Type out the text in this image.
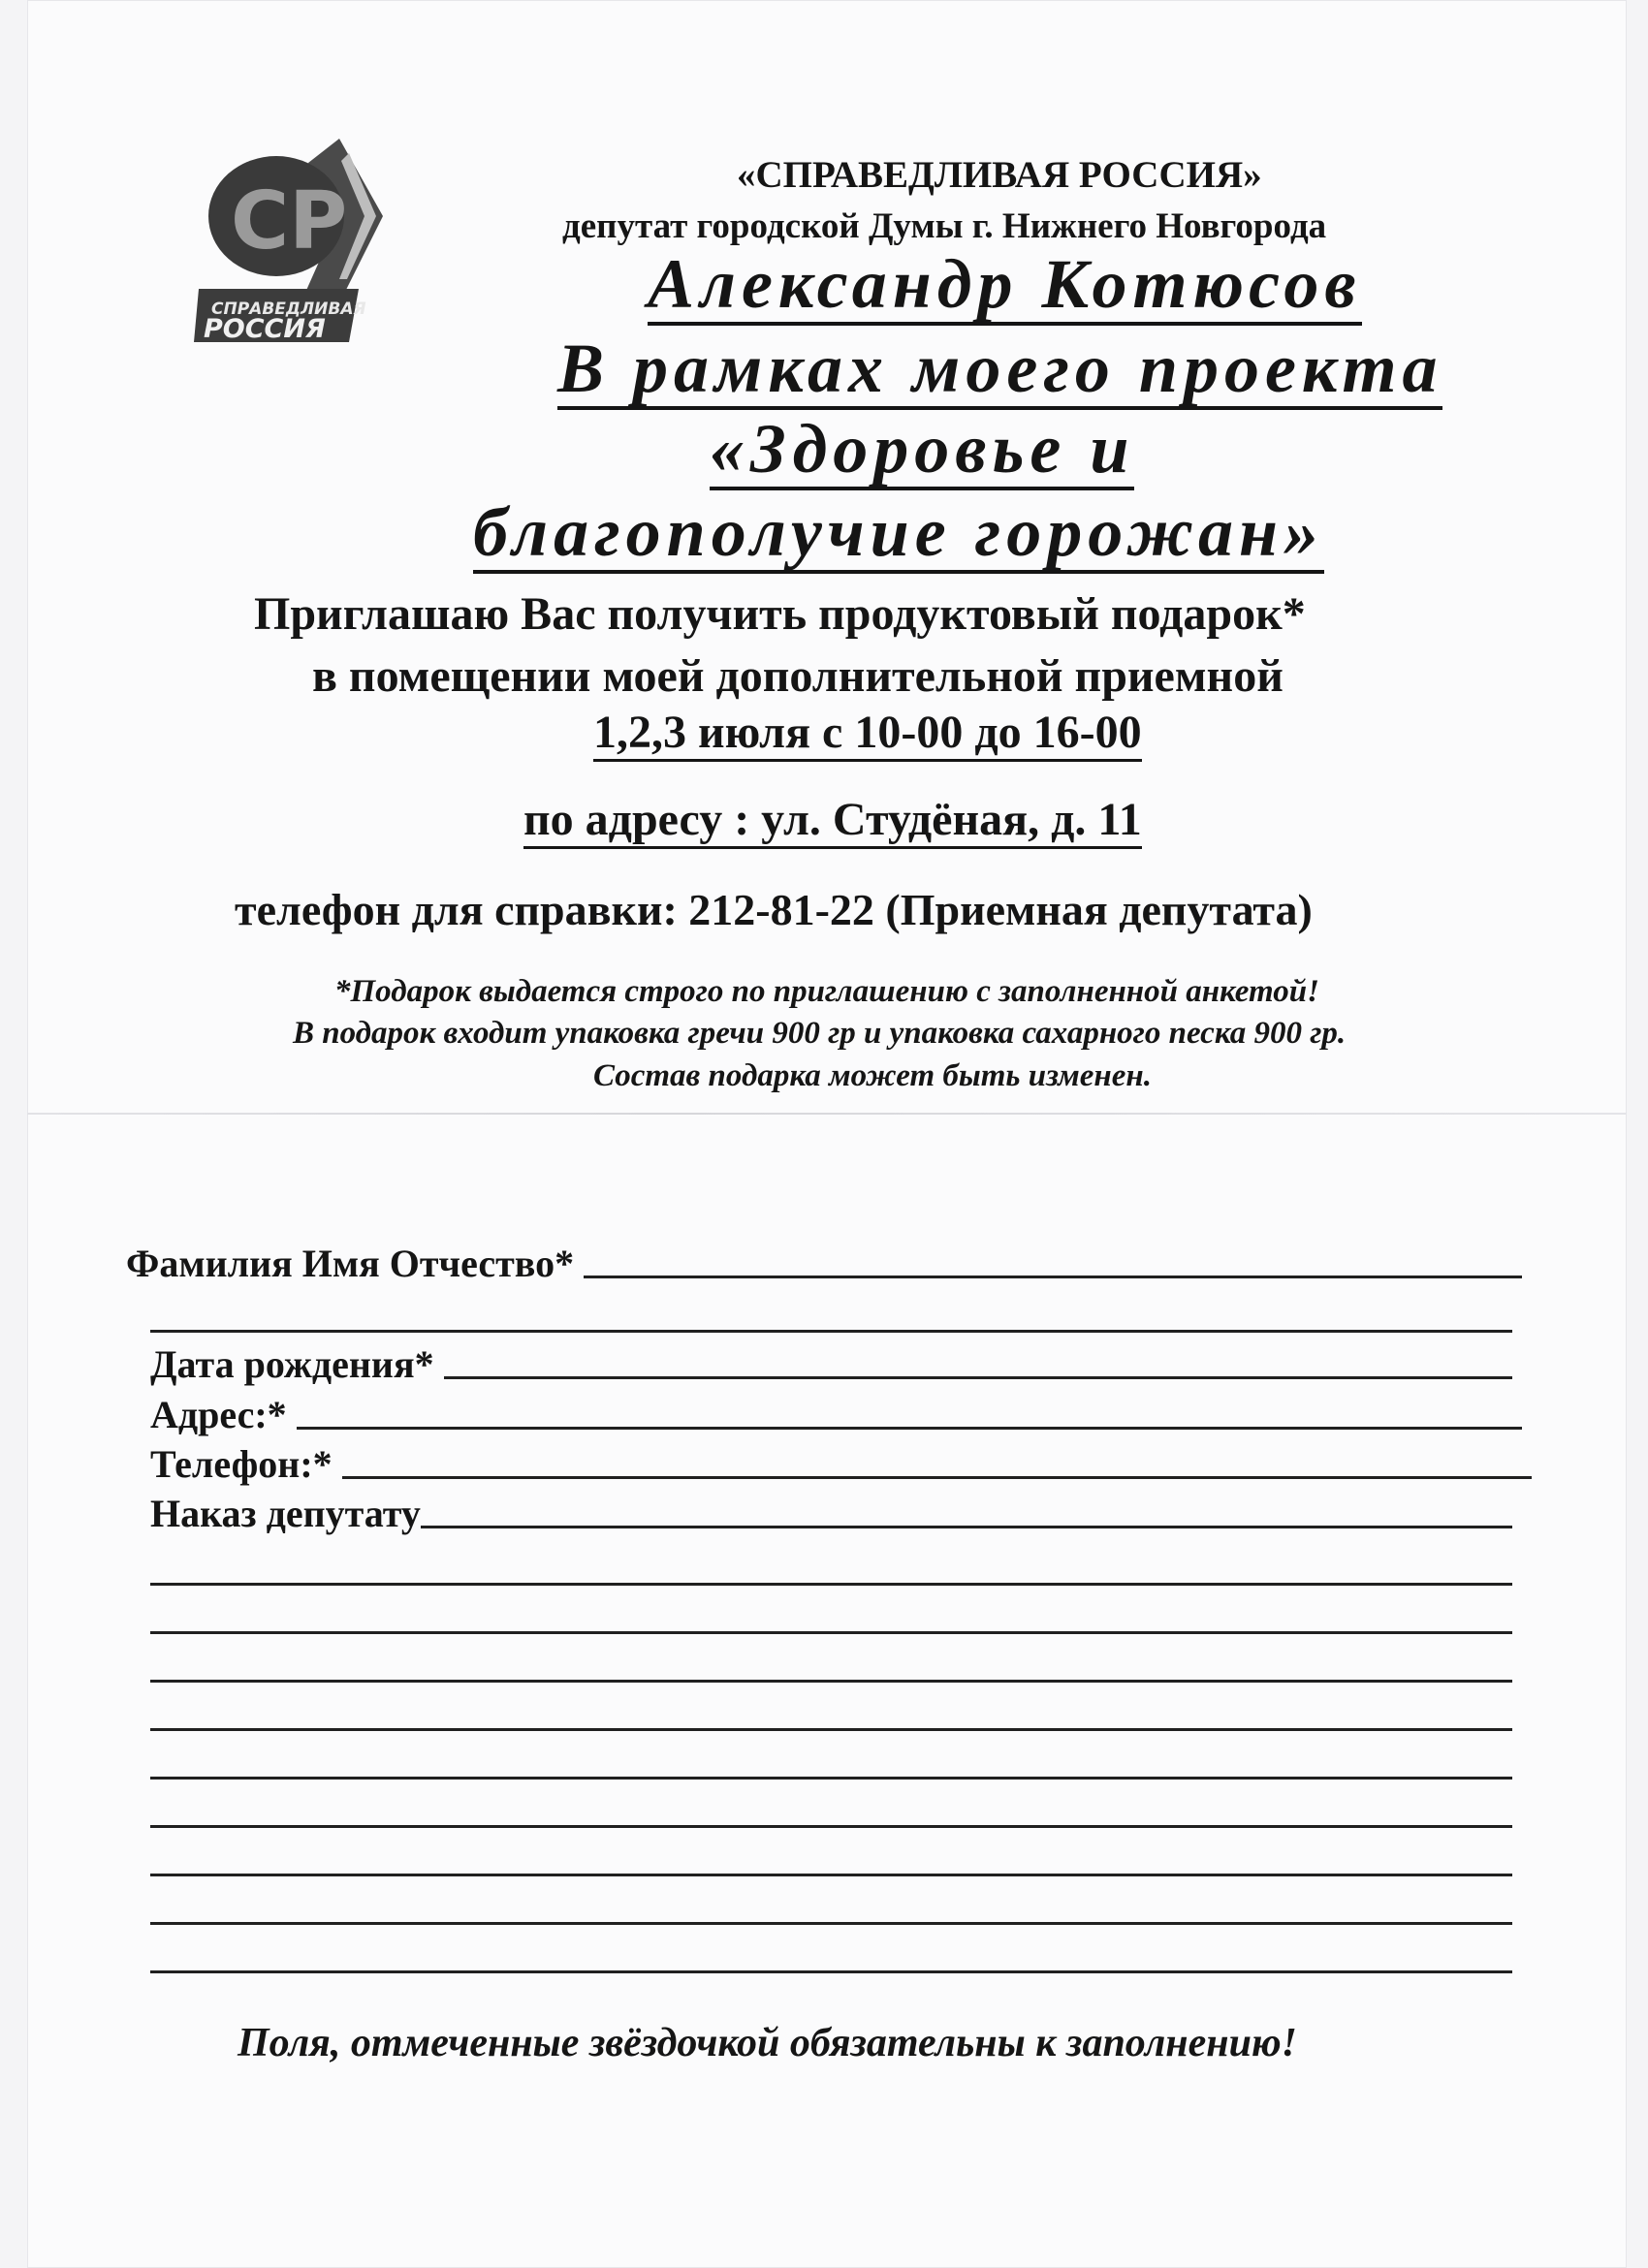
СР
СПРАВЕДЛИВАЯ
РОССИЯ
«СПРАВЕДЛИВАЯ РОССИЯ»
депутат городской Думы г. Нижнего Новгорода
Александр Котюсов
В рамках моего проекта
«Здоровье и
благополучие горожан»
Приглашаю Вас получить продуктовый подарок*
в помещении моей дополнительной приемной
1,2,3 июля с 10-00 до 16-00
по адресу : ул. Студёная, д. 11
телефон для справки: 212-81-22 (Приемная депутата)
*Подарок выдается строго по приглашению с заполненной анкетой!
В подарок входит упаковка гречи 900 гр и упаковка сахарного песка 900 гр.
Состав подарка может быть изменен.
Фамилия Имя Отчество*
Дата рождения*
Адрес:*
Телефон:*
Наказ депутату
Поля, отмеченные звёздочкой обязательны к заполнению!
